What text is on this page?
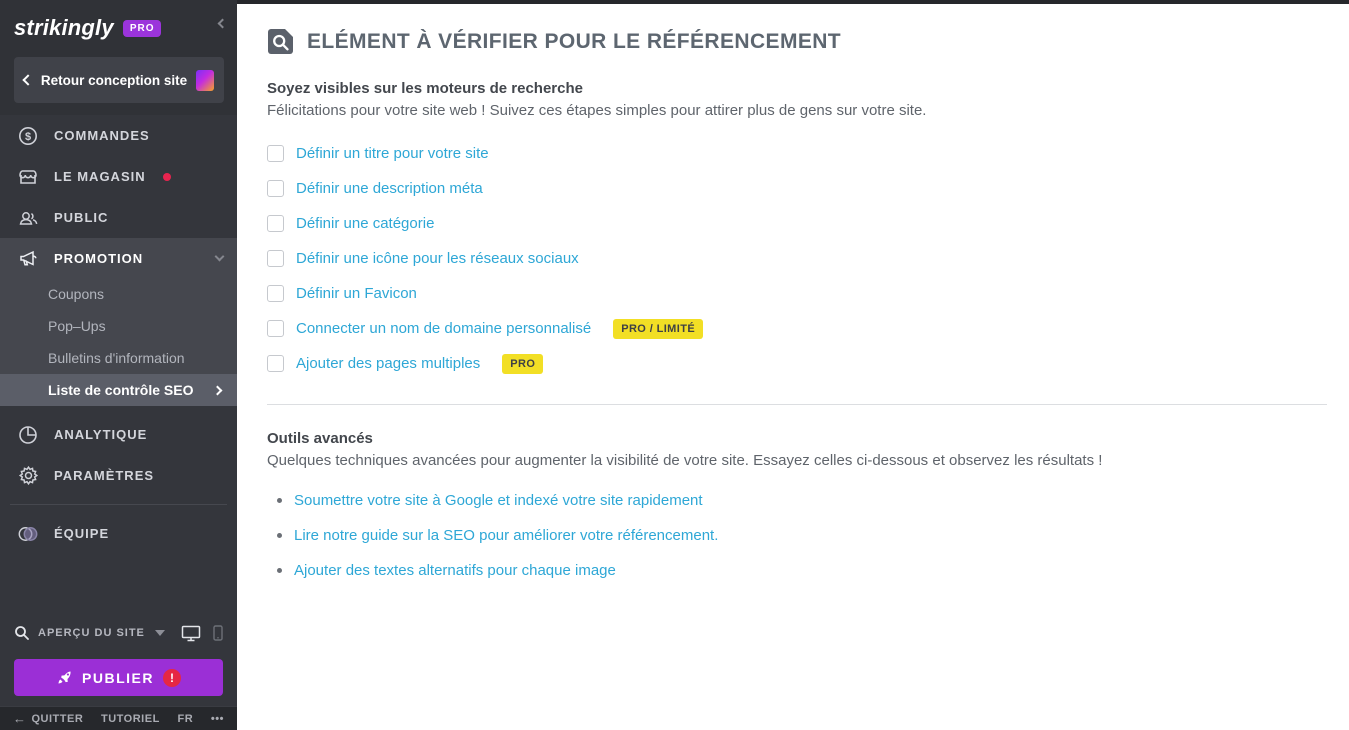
strikingly	PRO
Retour conception site
$ COMMANDES
LE MAGASIN
PUBLIC
PROMOTION
Coupons
Pop–Ups
Bulletins d'information
Liste de contrôle SEO
ANALYTIQUE
PARAMÈTRES
ÉQUIPE
APERÇU DU SITE
PUBLIER	!
← QUITTER TUTORIEL FR •••
ELÉMENT À VÉRIFIER POUR LE RÉFÉRENCEMENT
Soyez visibles sur les moteurs de recherche
Félicitations pour votre site web ! Suivez ces étapes simples pour attirer plus de gens sur votre site.
Définir un titre pour votre site
Définir une description méta
Définir une catégorie
Définir une icône pour les réseaux sociaux
Définir un Favicon
Connecter un nom de domaine personnalisé	PRO / LIMITÉ
Ajouter des pages multiples	PRO
Outils avancés
Quelques techniques avancées pour augmenter la visibilité de votre site. Essayez celles ci-dessous et observez les résultats !
Soumettre votre site à Google et indexé votre site rapidement
Lire notre guide sur la SEO pour améliorer votre référencement.
Ajouter des textes alternatifs pour chaque image
